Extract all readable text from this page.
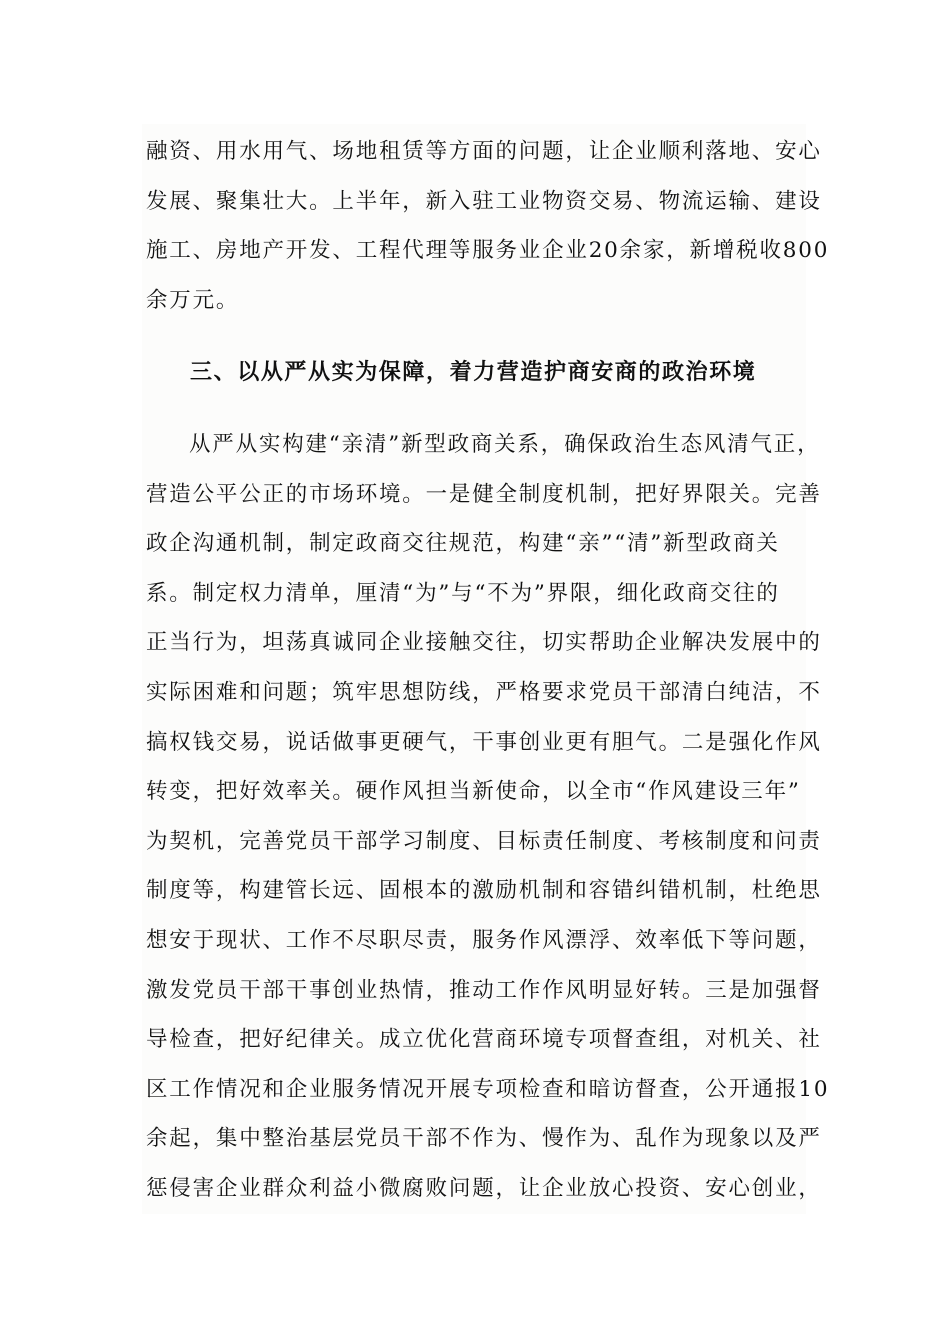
融资、用水用气、场地租赁等方面的问题，让企业顺利落地、安心
发展、聚集壮大。上半年，新入驻工业物资交易、物流运输、建设
施工、房地产开发、工程代理等服务业企业20余家，新增税收800
余万元。
三、以从严从实为保障，着力营造护商安商的政治环境
从严从实构建“亲清”新型政商关系，确保政治生态风清气正，
营造公平公正的市场环境。一是健全制度机制，把好界限关。完善
政企沟通机制，制定政商交往规范，构建“亲”“清”新型政商关
系。制定权力清单，厘清“为”与“不为”界限，细化政商交往的
正当行为，坦荡真诚同企业接触交往，切实帮助企业解决发展中的
实际困难和问题；筑牢思想防线，严格要求党员干部清白纯洁，不
搞权钱交易，说话做事更硬气，干事创业更有胆气。二是强化作风
转变，把好效率关。硬作风担当新使命，以全市“作风建设三年”
为契机，完善党员干部学习制度、目标责任制度、考核制度和问责
制度等，构建管长远、固根本的激励机制和容错纠错机制，杜绝思
想安于现状、工作不尽职尽责，服务作风漂浮、效率低下等问题，
激发党员干部干事创业热情，推动工作作风明显好转。三是加强督
导检查，把好纪律关。成立优化营商环境专项督查组，对机关、社
区工作情况和企业服务情况开展专项检查和暗访督查，公开通报10
余起，集中整治基层党员干部不作为、慢作为、乱作为现象以及严
惩侵害企业群众利益小微腐败问题，让企业放心投资、安心创业，
